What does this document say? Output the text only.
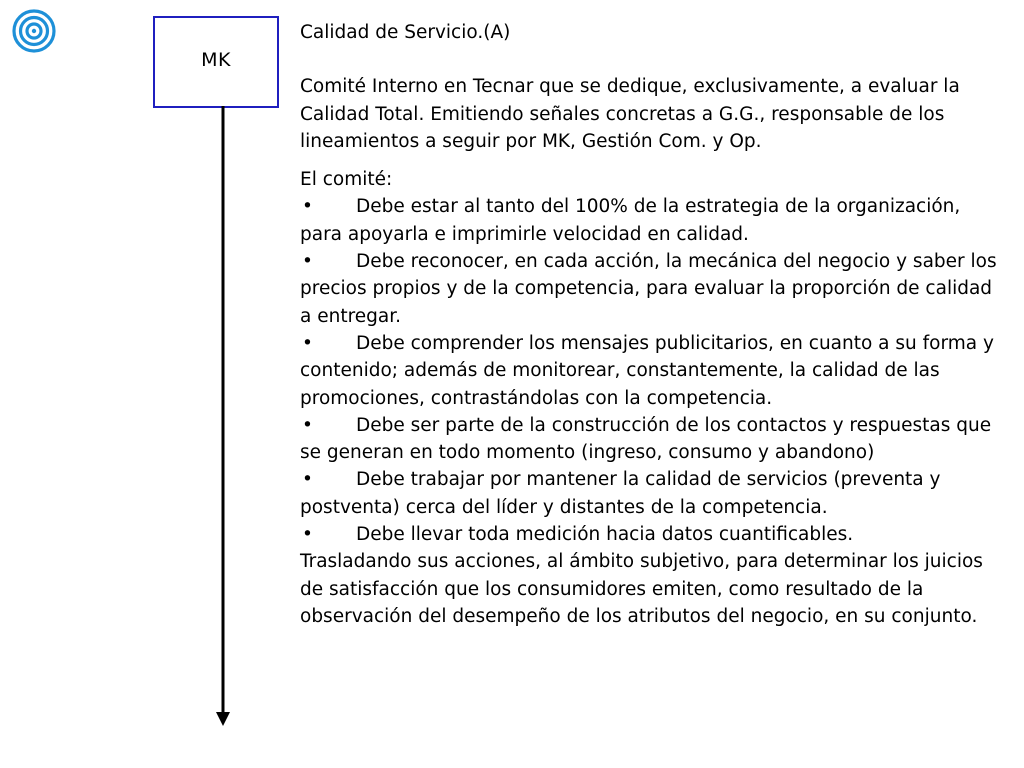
MK

Calidad de Servicio.(A)

Comité Interno en Tecnar que se dedique, exclusivamente, a evaluar la Calidad Total. Emitiendo señales concretas a G.G., responsable de los lineamientos a seguir por MK, Gestión Com. y Op.

El comité:

• Debe estar al tanto del 100% de la estrategia de la organización, para apoyarla e imprimirle velocidad en calidad.
• Debe reconocer, en cada acción, la mecánica del negocio y saber los precios propios y de la competencia, para evaluar la proporción de calidad a entregar.
• Debe comprender los mensajes publicitarios, en cuanto a su forma y contenido; además de monitorear, constantemente, la calidad de las promociones, contrastándolas con la competencia.
• Debe ser parte de la construcción de los contactos y respuestas que se generan en todo momento (ingreso, consumo y abandono)
• Debe trabajar por mantener la calidad de servicios (preventa y postventa) cerca del líder y distantes de la competencia.
• Debe llevar toda medición hacia datos cuantificables.

Trasladando sus acciones, al ámbito subjetivo, para determinar los juicios de satisfacción que los consumidores emiten, como resultado de la observación del desempeño de los atributos del negocio, en su conjunto.
